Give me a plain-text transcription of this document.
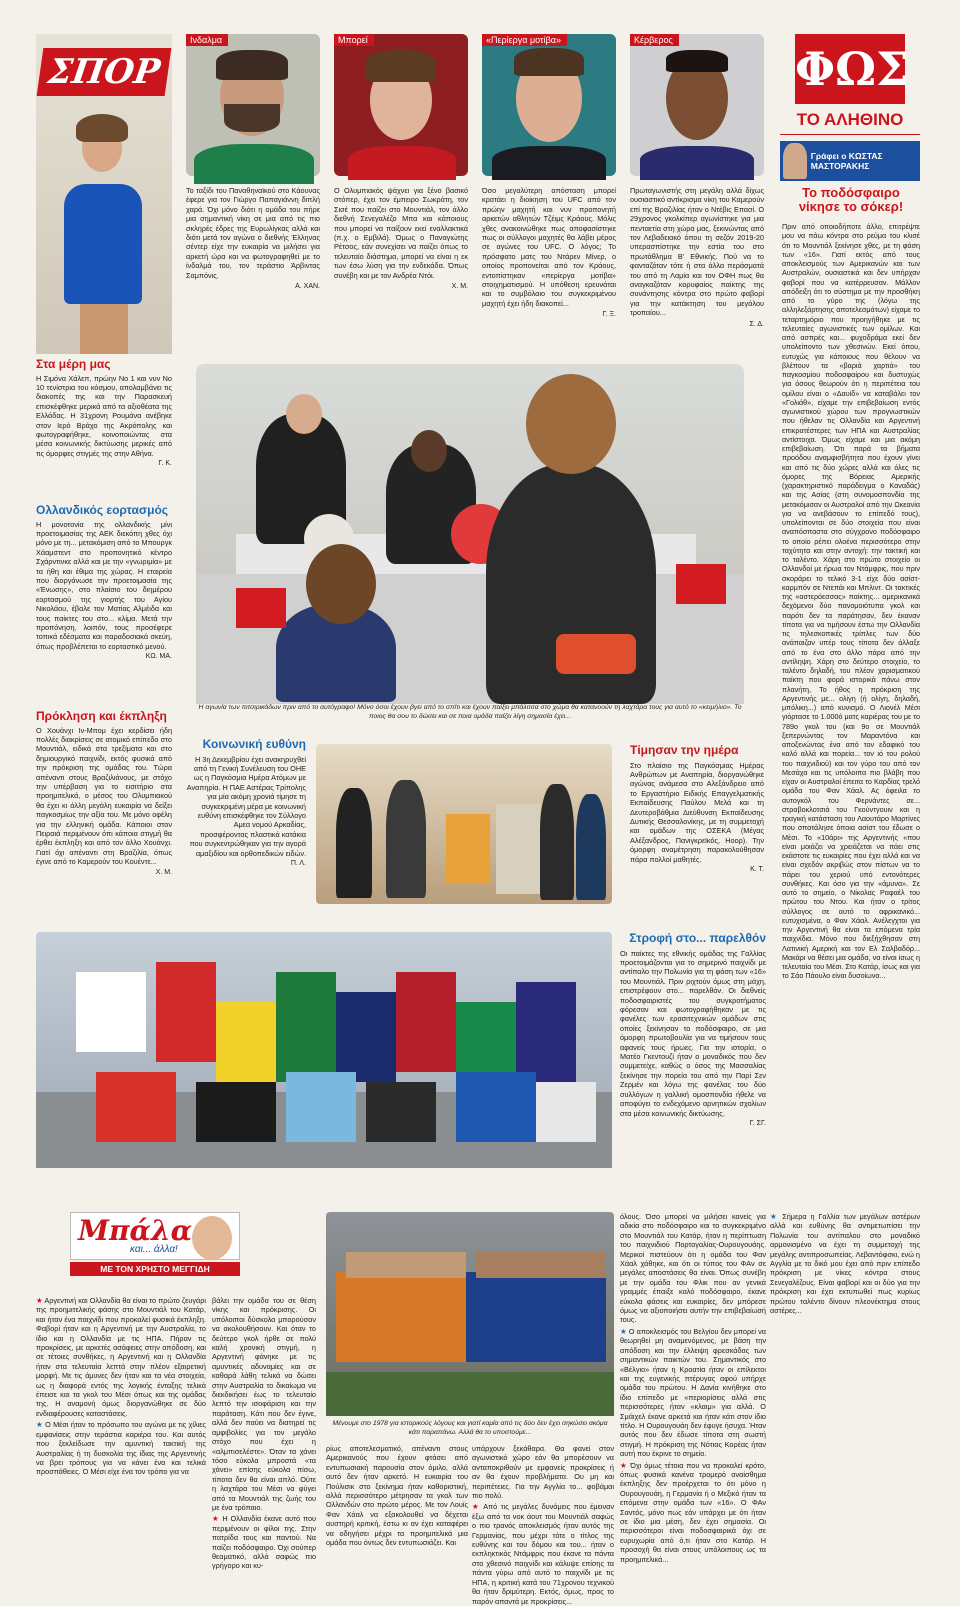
ΣΠΟΡ
Ινδαλμα	Μπορεί	«Περίεργα μοτίβα»	Κέρβερος

Το ταξίδι του Παναθηναϊκού στο Κάουνας έφερε για τον Γιώργο Παπαγιάννη διπλή χαρά. Όχι μόνο διότι η ομάδα του πήρε μια σημαντική νίκη σε μια από τις πιο σκληρές έδρες της Ευρωλίγκας αλλά και διότι μετά τον αγώνα ο διεθνής Έλληνας σέντερ είχε την ευκαιρία να μιλήσει για αρκετή ώρα και να φωτογραφηθεί με το ίνδαλμά του, τον τεράστιο Άρβιντας Σαμπόνις.

Α. ΧΑΝ.

Ο Ολυμπιακός ψάχνει για ξένο βασικό στόπερ, έχει τον έμπειρο Σωκράτη, τον Σισέ που παίζει στο Μουντιάλ, τον άλλο διεθνή Σενεγαλέζο Μπα και κάποιους που μπορεί να παίξουν εκεί εναλλακτικά (π.χ. ο Εμβιλά). Όμως ο Παναγιώτης Ρέτσος, εάν συνεχίσει να παίζει όπως το τελευταίο διάστημα, μπορεί να είναι η εκ των έσω λύση για την ενδεκάδα. Όπως συνέβη και με τον Ανδρέα Ντόι.

Χ. Μ.

Όσο μεγαλύτερη απόσταση μπορεί κρατάει η διοίκηση του UFC από τον πρώην μαχητή και νυν προπονητή αρκετών αθλητών Τζέιμς Κράους. Μόλις χθες ανακοινώθηκε πως αποφασίστηκε πως οι σύλλογοι μαχητές θα λάβει μέρος σε αγώνες του UFC. Ο λόγος; Το πρόσφατο ματς του Ντάρεν Μίνερ, ο οποίος προπονείται από τον Κράους, εντοπίστηκαν «περίεργα μοτίβα» στοιχηματισμού. Η υπόθεση ερευνάται και το συμβόλαιο του συγκεκριμένου μαχητή έχει ήδη διακοπεί...

Γ. Ξ.

Πρωταγωνιστής στη μεγάλη αλλά δίχως ουσιαστικό αντίκρισμα νίκη του Καμερούν επί της Βραζιλίας ήταν ο Ντέβις Επασί. Ο 29χρονος γκολκίπερ αγωνίστηκε για μια πενταετία στη χώρα μας, ξεκινώντας από τον Λεβαδειακό όπου τη σεζόν 2019-20 υπερασπίστηκε την εστία του στο πρωτάθλημα Β' Εθνικής. Πού να το φανταζόταν τότε ή στα άλλα περάσματά του από τη Λαμία και τον ΟΦΗ πως θα αναγκαζόταν κορυφαίος παίκτης της συνάντησης κόντρα στο πρώτο φαβορί για την κατάκτηση του μεγάλου τροπαίου...

Σ. Δ.
ΦΩΣ
ΤΟ ΑΛΗΘΙΝΟ
Γράφει ο ΚΩΣΤΑΣ ΜΑΣΤΟΡΑΚΗΣ
Το ποδόσφαιρο νίκησε το σόκερ!
Πριν από οποιοδήποτε άλλο, επιτρέψτε μου να πάω κόντρα στο ρεύμα του κλισέ ότι το Μουντιάλ ξεκίνησε χθες, με τη φάση των «16». Γιατί εκτός από τους αποκλεισμούς των Αμερικανών και των Αυστραλών, ουσιαστικά και δεν υπήρχαν φαβορί που να κατέρρευσαν. Μάλλον απόδειξη ότι το σύστημα με την προσθήκη από το γύρο της (λόγω της αλληλεξάρτησης αποτελεσμάτων) είχαμε το τεταρτημόριο που προηγήθηκε με τις τελευταίες αγωνιστικές των ομίλων. Και από ασπρές και... φυχοδράμα εκεί δεν υπολείποντο των χθεσινών. Εκεί όπου, ευτυχώς για κάποιους που θέλουν να βλέπουν τα «βαριά χαρτιά» του παγκοσμίου ποδοσφαίρου και δυστυχώς για όσους θεωρούν ότι η περιπέτεια του ομίλου είναι ο «Δαυίδ» να καταβάλει τον «Γολιάθ», είχαμε την επιβεβαίωση εντός αγωνιστικού χώρου των προγνωστικών που ήθελαν τις Ολλανδία και Αργεντινή επικρατέστερες των ΗΠΑ και Αυστραλίας αντίστοιχα. Όμως είχαμε και μια ακόμη επιβεβαίωση. Ότι παρά τα βήματα προόδου αναμφισβήτητα που έχουν γίνει και από τις δύο χώρες αλλά και όλες τις όμορες της Βόρειας Αμερικής (χαρακτηριστικό παράδειγμα ο Καναδάς) και της Ασίας (στη συνομοσπονδία της μετακόμισαν οι Αυστραλοί από την Ωκεανία για να ανεβάσουν το επίπεδό τους), υπολείπονται σε δύο στοιχεία που είναι αναπόσπαστα στο σύγχρονο ποδόσφαιρο το οποίο ρέπει ολοένα περισσότερο στην ταχύτητα και στην αντοχή: την τακτική και το ταλέντο. Χάρη στο πρώτο στοιχείο οι Ολλανδοί με ήρωα τον Ντάμφρις, που πριν σκοράρει το τελικό 3-1 είχε δύο ασίστ-καρμπόν σε Ντεπάι και Μπλιντ. Οι τακτικές της «αστερόεσσας» παίκτης... αμερικανικά δεχόμενοι δύο πανομοιότυπα γκολ και παρότι δεν τα παράτησαν, δεν έκαναν τίποτα για να τιμήσουν έστω την Ολλανδία τις τηλεσκοπικές τρίπλες των δύο ανάπαιζαν υπέρ τους τίποτα δεν άλλαξε από το ένα στο άλλο πάρα από την αντίληψη. Χάρη στο δεύτερο στοιχείο, το ταλέντο δηλαδή, του πλέον χαρισματικού παίκτη που φορά ιστορικά πάνω στον πλανήτη, Το ήθος η πρόκριση της Αργεντινής με... ολίγη (ή ολίγη, δηλαδή, μπόλικη...) από κυνισμό. Ο Λιονέλ Μέσι γιόρτασε το 1.000ό ματς καριέρας του με το 789ο γκολ του (και 9ο σε Μουντιάλ ξεπερνώντας τον Μαραντόνα και αποξενώντας ένα από τον εδαφικό του καλό αλλά και πορεία... τον ιό του ρολού του παιχνιδιού) και τον γύρο του από τον Μεσάχα και τις υπόλοιπα πιο βλάβη που είχαν οι Αυστραλοί έπειτα το Καρδίας τρελό ομάδα του Φαν Χάαλ. Ας όφειλα το αυτογκόλ του Φερνάντες σε... στραβοκλοτσιά του Γκούντγουιν και η τραγική κατάσταση του Λαουτάρο Μαρτίνες που σπατάλησε όποια ασίστ του έδωσε ο Μέσι. Το «10άρι» της Αργεντινής «που είναι μοιάζει να χρειάζεται να πάει στις εκάστοτε τις ευκαιρίες που έχει αλλά και να είναι σχεδόν ακριβώς στον πίστων να το πάρει του χεριού υπό εντονότερες συνθήκες. Και όσο για την «άμυνα». Σε αυτό το σημείο, ο Νίκολας Ραφαέλ του πρώτου του Ντου. Και ήταν ο τρίτος σύλλογος σε αυτό το αφρικανικό... ευτυχισμένα, ο Φαν Χάαλ. Ανέλεγχτοι για την Αργεντινή θα είναι τα επόμενα τρία παιχνίδια. Μόνο που διεξήχθησαν στη Λατινική Αμερική και τον Ελ Σαλβαδόρ... Μακάρι να θέσει μια ομάδα, να είναι ίσως η τελευταία του Μέσι. Στο Κατάρ, ίσως και για το Σάο Πάουλο είναι δυσοίωνα...
Στα μέρη μας
Η Σιμόνα Χάλεπ, πρώην Νο 1 και νυν Νο 10 τενίστρια του κόσμου, απολαμβάνει τις διακοπές της και την Παρασκευή επισκέφθηκε μερικά από τα αξιοθέατα της Ελλάδας. Η 31χρονη Ρουμάνα ανέβηκε στον Ιερό Βράχο της Ακρόπολης και φωτογραφήθηκε, κοινοποιώντας στα μέσα κοινωνικής δικτύωσης μερικές από τις όμορφες στιγμές της στην Αθήνα.
Γ. Κ.
Ολλανδικός εορτασμός
Η μονοτονία της ολλανδικής μίνι προετοιμασίας της ΑΕΚ διεκόπη χθες όχι μόνο με τη... μετακόμιση από το Μπουργκ Χάαμστεντ στο προπονητικό κέντρο Σχάρντινκε αλλά και με την «γνωριμία» με τα ήθη και έθιμα της χώρας. Η εταιρεία που διοργάνωσε την προετοιμασία της «Ένωσης», στο πλαίσιο του διημέρου εορτασμού της γιορτής του Αγίου Νικολάου, έβαλε τον Ματίας Αλμέιδα και τους παίκτες του στο... κλίμα. Μετά την προπόνηση, λοιπόν, τους προσέφερε τοπικά εδέσματα και παραδοσιακά σκεύη, όπως προβλέπεται το εορταστικό μενού.
ΚΩ. ΜΑ.
Πρόκληση και έκπληξη
Ο Χουάνχι Ιν-Μπομ έχει κερδίσει ήδη πολλές διακρίσεις σε ατομικό επίπεδο στο Μουντιάλ, ειδικά στα τρεξίματα και στο δημιουργικό παιχνίδι, εκτός φυσικά από την πρόκριση της ομάδας του. Τώρα απέναντι στους Βραζιλιάνους, με στόχο την υπέρβαση για το εισιτήριο στα προημιτελικά, ο μέσος του Ολυμπιακού θα έχει κι άλλη μεγάλη ευκαιρία να δείξει παγκοσμίως την αξία του. Με μόνο οφέλη για την ελληνική ομάδα. Κάποιοι στον Πειραιά περιμένουν όπι κάποια στιγμή θα έρθει έκπληξη και από τον άλλο Χουάνχι. Γιατί όχι απέναντι στη Βραζιλία, όπως έγινε από το Καμερούν του Κουέντε...
Χ. Μ.
Η αγωνία των πιτσιρικάδων πριν από το αυτόγραφο! Μόνο όσοι έχουν βγει από το σπίτι και έχουν παίξει μπάλιτσα στο χώμα θα κατανοούν τη λαχτάρα τους για αυτό το «κειμήλιο». Το ποιος θα σου το δώσει και σε ποια ομάδα παίζει λίγη σημασία έχει...
Κοινωνική ευθύνη
Η 3η Δεκεμβρίου έχει ανακηρυχθεί από τη Γενική Συνέλευση του ΟΗΕ ως η Παγκόσμια Ημέρα Ατόμων με Αναπηρία. Η ΠΑΕ Αστέρας Τρίπολης για μία ακόμη χρονιά τίμησε τη συγκεκριμένη μέρα με κοινωνική ευθύνη επισκέφθηκε τον Σύλλογο Αμεα νομού Αρκαδίας, προσφέροντας πλαστικά κατάκια που συγκεντρώθηκαν για την αγορά αμαξιδίου και ορθοπεδικών ειδών.
Π. Λ.
Τίμησαν την ημέρα
Στο πλαίσιο της Παγκόσμιας Ημέρας Ανθρώπων με Αναπηρία, διοργανώθηκε αγώνας ανάμεσα στο Αλεξάνδρειο από το Εργαστήριο Ειδικής Επαγγελματικής Εκπαίδευσης Παύλου Μελά και τη Δευτεροβάθμια Διεύθυνση Εκπαίδευσης Δυτικής Θεσσαλονίκης, με τη συμμετοχή και ομάδων της ΟΣΕΚΑ (Μέγας Αλέξανδρος, Πανιγκρεϊκός, Ηοορ). Την όμορφη αναμέτρηση παρακολούθησαν πάρα πολλοί μαθητές.
Κ. Τ.
Στροφή στο... παρελθόν
Οι παίκτες της εθνικής ομάδας της Γαλλίας προετοιμάζονται για το σημερινό παιχνίδι με αντίπαλο την Πολωνία για τη φάση των «16» του Μουντιάλ. Πριν ριχτούν όμως στη μάχη, επιστρέφουν στο... παρελθόν. Οι διεθνείς ποδοσφαιριστές του συγκροτήματος φόρεσαν και φωτογραφήθηκαν με τις φανέλες των ερασιτεχνικών ομάδων στις οποίες ξεκίνησαν το ποδόσφαιρο, σε μια όμορφη πρωτοβουλία για να τιμήσουν τους αφανείς τους ήρωες. Για την ιστορία, ο Ματέο Γκεντουζί ήταν ο μοναδικός που δεν συμμετείχε, καθώς ο όσος της Μασσαλίας ξεκίνησε την πορεία του από την Παρί Σεν Ζερμέν και λόγω της φανέλας του δύο συλλόγων η γαλλική ομοσπονδία ήθελε να αποφύγει το ενδεχόμενο αρνητικών σχολίων στα μέσα κοινωνικής δικτύωσης.
Γ. ΣΓ.
Μπάλα
και... άλλα!
ΜΕ ΤΟΝ ΧΡΗΣΤΟ ΜΕΓΓΙΔΗ

★ Αργεντινή και Ολλανδία θα είναι το πρώτο ζευγάρι της προημιτελικής φάσης στο Μουντιάλ του Κατάρ, και ήταν ένα παιχνίδι που προκαλεί φυσικά έκπληξη. Φαβορί ήταν και η Αργεντινή με την Αυστραλία, το ίδιο και η Ολλανδία με τις ΗΠΑ. Πήραν τις προκρίσεις, με αρκετές ασάφειες στην απόδοση, και σε τέτοιες συνθήκες, η Αργεντινή και η Ολλανδία ήταν στα τελευταία λεπτά στην πλέον εξαιρετική μορφή. Με τις άμυνες δεν ήταν και τα νέα στοιχεία, ως η διαφορά εντός της λογικής ένταξης τελικά έπεισε και τα γκολ του Μέσι όπως και της ομάδας της. Η αναμονή όμως διοργανώθηκε σε δύο ενδιαφέρουσες καταστάσεις.

★ Ο Μέσι ήταν το πρόσωπο του αγώνα με τις χίλιες εμφανίσεις στην τεράστια καριέρα του. Και αυτός που ξεκλείδωσε την αμυντική τακτική της Αυστραλίας ή τη δυσκολία της ίδιας της Αργεντινής να βρει τρόπους για να κάνει ένα και τελικά προσπάθειες. Ο Μέσι είχε ένα τον τρόπο για να

βάλει την ομάδα του σε θέση νίκης και πρόκρισης. Οι υπόλοιποι δύσκολα μπορούσαν να ακολουθήσουν. Και όταν το δεύτερο γκολ ήρθε σε πολύ καλή χρονική στιγμή, η Αργεντινή φάνηκε με τις αμυντικές αδυναμίες και σε καθαρά λάθη τελικά να δώσει στην Αυστραλία το δικαίωμα να διεκδικήσει έως το τελευταίο λεπτό την ισοφάριση και την παράταση. Κάτι που δεν έγινε, αλλά δεν παύει να διατηρεί τις αμφιβολίες για τον μεγάλο στόχο που έχει η «αλμπισελέστε». Όταν τα χάνει τόσο εύκολα μπροστά «τα χάνει» επίσης εύκολα πίσω, τίποτα δεν θα είναι απλό. Ούτε η λαχτάρα του Μέσι να φύγει από τα Μουντιάλ της ζωής του με ένα τρόπαιο.

★ Η Ολλανδία έκανε αυτό που περιμένουν οι φίλοι της. Στην πατρίδα τους και παντού. Να παίζει ποδόσφαιρο. Όχι σούπερ θεαματικό, αλλά σαφώς πιο γρήγορο και κυ-

Μένουμε στο 1978 για ιστορικούς λόγους και γιατί καμία από τις δύο δεν έχει σηκώσει ακόμα κάτι παραπάνω. Αλλά θα το υποστούμε...
ρίως αποτελεσματικό, απέναντι στους Αμερικανούς που έχουν φτάσει από εντυπωσιακή παρουσία στον όμιλο, αλλά αυτό δεν ήταν αρκετό. Η ευκαιρία του Πούλισικ στο ξεκίνημα ήταν καθοριστική, αλλά περισσότερο μέτρησαν τα γκολ των Ολλανδών στο πρώτο μέρος. Με τον Λουίς Φαν Χάαλ να εξακολουθεί να δέχεται αυστηρή κριτική, έστω κι αν έχει καταφέρει να οδηγήσει μέχρι τα προημιτελικά μια ομάδα που όντως δεν εντυπωσιάζει. Και

υπάρχουν ξεκάθαρα. Θα φανεί στον αγωνιστικό χώρο εάν θα μπορέσουν να ανταποκριθούν με εμφανείς προκρίσεις ή αν θα έχουν προβλήματα. Ου μη και περιπέτειες. Για την Αγγλία το... φοβάμαι πιο πολύ.

★ Από τις μεγάλες δυνάμεις που έμειναν έξω από τα νοκ άουτ του Μουντιάλ σαφώς ο πιο τρανός αποκλεισμός ήταν αυτός της Γερμανίας, που μέχρι τότε ο τίτλος της ευθύνης και του δόμου και του... ήταν ο εκπληκτικός Ντάμφρις που έκανε τα πάντα στο χθεσινό παιχνίδι και κάλυψε επίσης τα πάντα γύρω από αυτό το παιχνίδι με τις ΗΠΑ, η κριτική κατά του 71χρονου τεχνικού θα ήταν δριμύτερη. Εκτός, όμως, προς το παρόν απαντά με προκρίσεις...

όλους. Όσο μπορεί να μιλήσει κανείς για αδικία στο ποδόσφαιρο και το συγκεκριμένο στο Μουντιάλ του Κατάρ, ήταν η περίπτωση του παιχνιδιού Πορτογαλίας-Ουρουγουάης. Μερικοί πιστεύουν ότι η ομάδα του Φαν Χάαλ χάθηκε, και ότι οι τύπος του ΦΑν σε μεγάλες αποστάσεις θα είναι. Όπως συνέβη με την ομάδα του Φλικ που αν γενικά γραμμές έπαιξε καλό ποδόσφαιρο, έκανε εύκολα φάσεις και ευκαιρίες, δεν μπόρεσε όμως να αξιοποιήσει αυτήν την επιβεβαίωσή τους.

★ Ο αποκλεισμός του Βελγίου δεν μπορεί να θεωρηθεί μη αναμενόμενος, με βάση την απόδοση και την έλλειψη φρεσκάδας των σημαντικών παικτών του. Σημαντικός στο «Βέλγιο» ήταν η Κροατία ήταν οι επίλεκτοι και της ευγενικής πτέρυγας αφού υπήρχε ομάδα του πρώτου. Η Δανία κινήθηκε στο ίδιο επίπεδο με «περιορίσεις αλλά στις περισσότερες ήταν «κλαιμ» για αλλά. Ο Σμάιχελ έκανε αρκετά και ήταν κάτι στον ίδιο τίτλο. Η Ουρουγουάη δεν έφυγε ήσυχα. Ήταν αυτός που δεν έδωσε τίποτα στη σωστή στιγμή. Η πρόκριση της Νότιας Κορέας ήταν αυτή που έκρινε το σημείο.

★ Όχι όμως τέτοια που να προκαλεί κρότο, όπως φυσικά κανένα τρομερό αναίσθημα έκπληξης δεν προέρχεται το ότι μόνο η Ουρουγουάη, η Γερμανία ή ο Μεξικό ήταν τα επόμενα στην ομάδα των «16». Ο ΦΑν Σαντός, μόνο πως εάν υπάρχει με ότι ήταν σε ίδιο μια μέση, δεν έχει σημασία. Οι περισσότεροι είναι ποδοσφαιρικά όχι σε ευρυχωρία από ό,τι ήταν στο Κατάρ. Η προσοχή θα είναι στους υπόλοιπους ως τα προημιτελικά...

★ Σήμερα η Γαλλία των μεγάλων αστέρων αλλά και ευθύνης θα αντιμετωπίσει την Πολωνία του αντίπαλου στο μοναδικό αρμονισμένο να έχει τη συμμετοχή της μεγάλης αντιπροσωπείας. Λεβαντόφσκι, ενώ η Αγγλία με το δικό μου έχει από πριν επίπεδο πρόκριση με νίκες κόντρα στους Σενεγαλέζους. Είναι φαβορί και οι δύο για την πρόκριση και έχει εκτυπωθεί πως κυρίως πρώτου ταλέντο δίνουν πλεονέκτημα στους αστέρες...
